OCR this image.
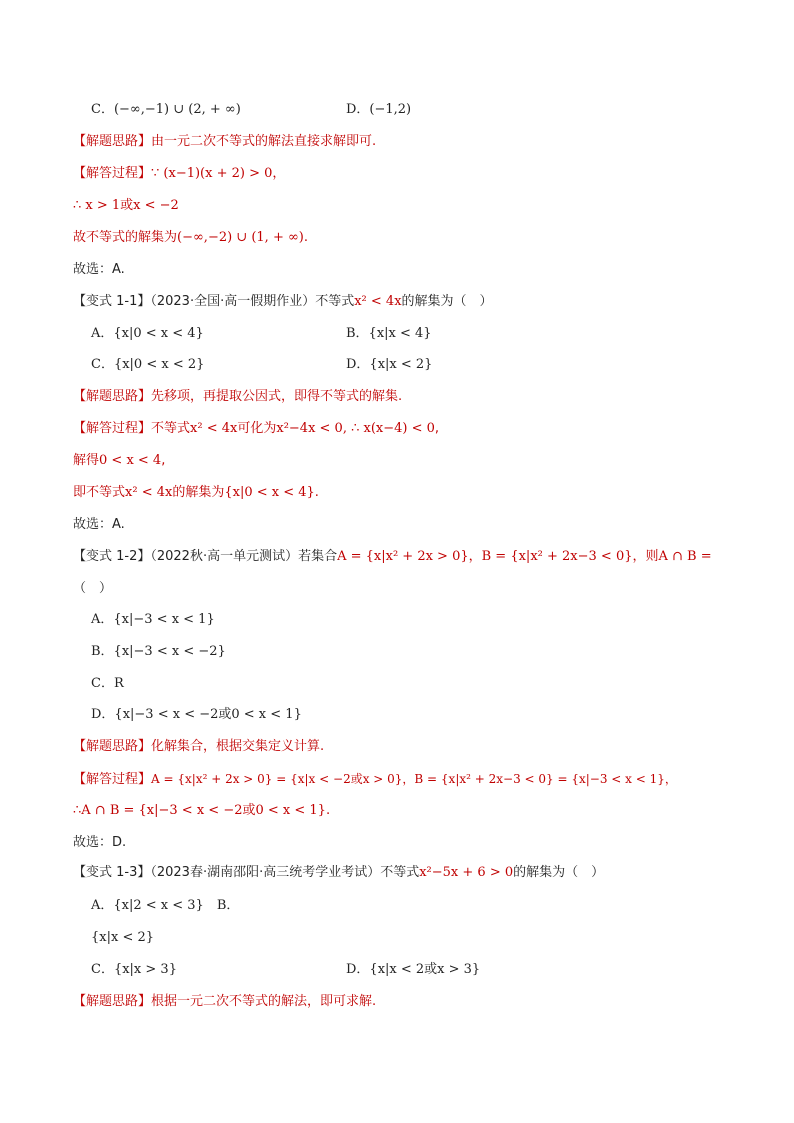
C．(−∞,−1) ∪ (2, + ∞)	D．(−1,2)
【解题思路】由一元二次不等式的解法直接求解即可.
【解答过程】∵ (x−1)(x + 2) > 0，
∴ x > 1或x < −2
故不等式的解集为(−∞,−2) ∪ (1, + ∞).
故选：A.
【变式 1-1】（2023·全国·高一假期作业）不等式x² < 4x的解集为（　）
A．{x|0 < x < 4}	B．{x|x < 4}
C．{x|0 < x < 2}	D．{x|x < 2}
【解题思路】先移项，再提取公因式，即得不等式的解集.
【解答过程】不等式x² < 4x可化为x²−4x < 0, ∴ x(x−4) < 0,
解得0 < x < 4,
即不等式x² < 4x的解集为{x|0 < x < 4}.
故选：A.
【变式 1-2】（2022秋·高一单元测试）若集合A = {x|x² + 2x > 0}，B = {x|x² + 2x−3 < 0}，则A ∩ B =
（　）
A．{x|−3 < x < 1}
B．{x|−3 < x < −2}
C．R
D．{x|−3 < x < −2或0 < x < 1}
【解题思路】化解集合，根据交集定义计算.
【解答过程】A = {x|x² + 2x > 0} = {x|x < −2或x > 0}，B = {x|x² + 2x−3 < 0} = {x|−3 < x < 1}，
∴A ∩ B = {x|−3 < x < −2或0 < x < 1}.
故选：D.
【变式 1-3】（2023春·湖南邵阳·高三统考学业考试）不等式x²−5x + 6 > 0的解集为（　）
A．{x|2 < x < 3}　B．
{x|x < 2}
C．{x|x > 3}	D．{x|x < 2或x > 3}
【解题思路】根据一元二次不等式的解法，即可求解.
